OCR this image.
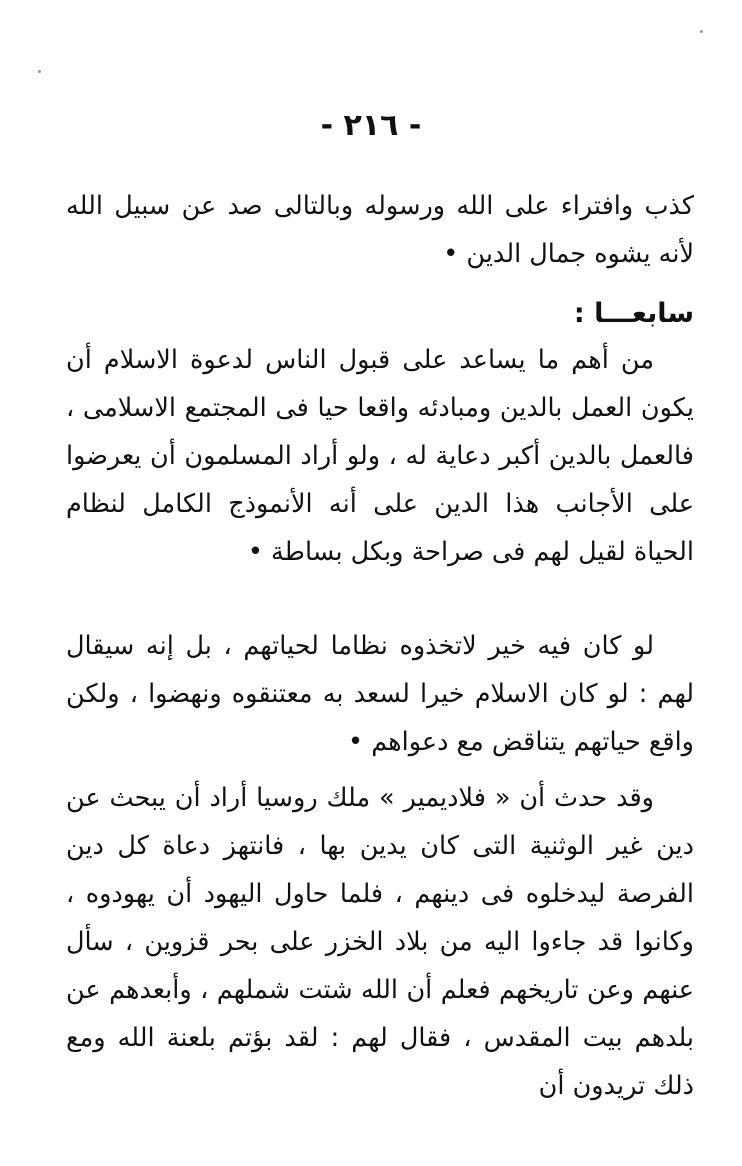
- ٢١٦ -

كذب وافتراء على الله ورسوله وبالتالى صد عن سبيل الله لأنه يشوه جمال الدين •

سابعـــا :

من أهم ما يساعد على قبول الناس لدعوة الاسلام أن يكون العمل بالدين ومبادئه واقعا حيا فى المجتمع الاسلامى ، فالعمل بالدين أكبر دعاية له ، ولو أراد المسلمون أن يعرضوا على الأجانب هذا الدين على أنه الأنموذج الكامل لنظام الحياة لقيل لهم فى صراحة وبكل بساطة •

لو كان فيه خير لاتخذوه نظاما لحياتهم ، بل إنه سيقال لهم : لو كان الاسلام خيرا لسعد به معتنقوه ونهضوا ، ولكن واقع حياتهم يتناقض مع دعواهم •

وقد حدث أن « فلاديمير » ملك روسيا أراد أن يبحث عن دين غير الوثنية التى كان يدين بها ، فانتهز دعاة كل دين الفرصة ليدخلوه فى دينهم ، فلما حاول اليهود أن يهودوه ، وكانوا قد جاءوا اليه من بلاد الخزر على بحر قزوين ، سأل عنهم وعن تاريخهم فعلم أن الله شتت شملهم ، وأبعدهم عن بلدهم بيت المقدس ، فقال لهم : لقد بؤتم بلعنة الله ومع ذلك تريدون أن
